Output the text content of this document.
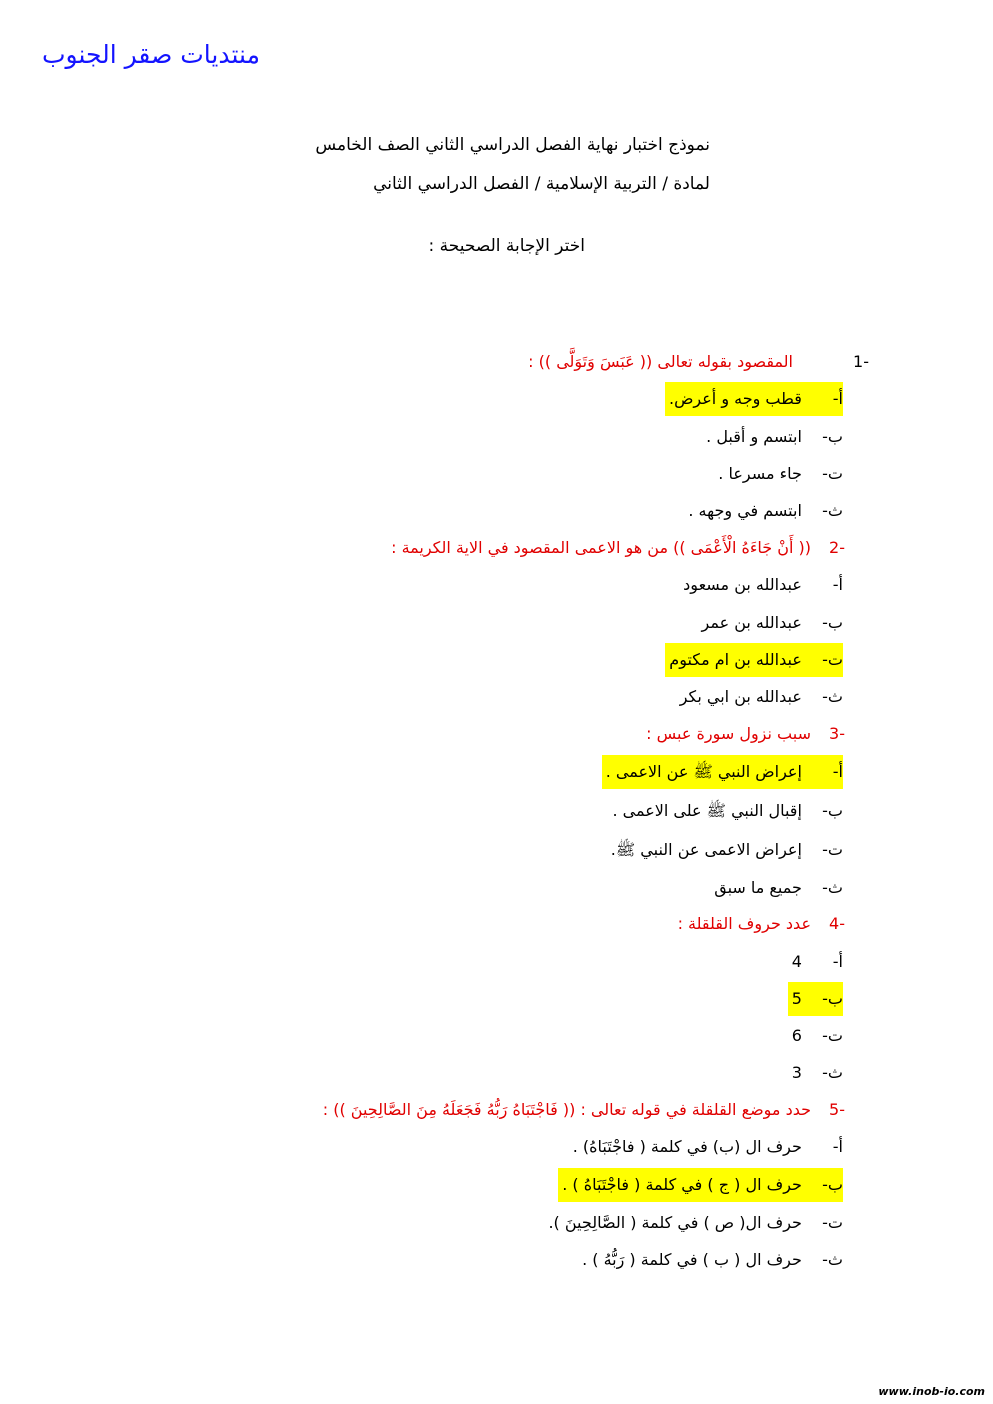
منتديات صقر الجنوب
نموذج اختبار نهاية الفصل الدراسي الثاني الصف الخامس
لمادة / التربية الإسلامية / الفصل الدراسي الثاني
اختر الإجابة الصحيحة :
-1
المقصود بقوله تعالى (( عَبَسَ وَتَوَلَّى )) :
أ- قطب وجه و أعرض.
ب- ابتسم و أقبل .
ت- جاء مسرعا .
ث- ابتسم في وجهه .
-2
(( أَنْ جَاءَهُ الْأَعْمَى )) من هو الاعمى المقصود في الاية الكريمة :
أ- عبدالله بن مسعود
ب- عبدالله بن عمر
ت- عبدالله بن ام مكتوم
ث- عبدالله بن ابي بكر
-3
سبب نزول سورة عبس :
أ- إعراض النبي ﷺ عن الاعمى .
ب- إقبال النبي ﷺ على الاعمى .
ت- إعراض الاعمى عن النبي ﷺ.
ث- جميع ما سبق
-4
عدد حروف القلقلة :
أ- 4
ب- 5
ت- 6
ث- 3
-5
حدد موضع القلقلة في قوله تعالى : (( فَاجْتَبَاهُ رَبُّهُ فَجَعَلَهُ مِنَ الصَّالِحِينَ )) :
أ- حرف ال (ب) في كلمة ( فاجْتَبَاهُ) .
ب- حرف ال ( ج ) في كلمة ( فاجْتَبَاهُ ) .
ت- حرف ال( ص ) في كلمة ( الصَّالِحِينَ ).
ث- حرف ال ( ب ) في كلمة ( رَبُّهُ ) .
www.inob-io.com
